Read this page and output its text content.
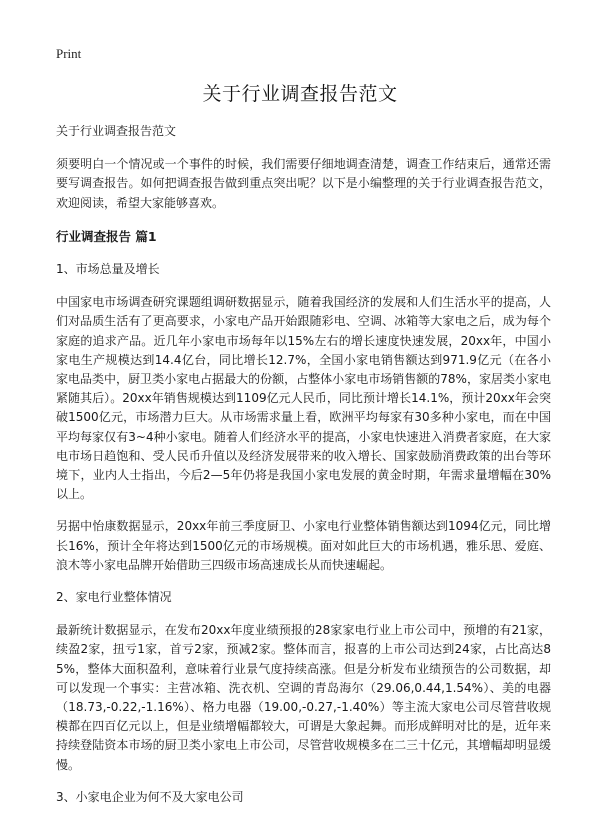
Print
关于行业调查报告范文

关于行业调查报告范文

须要明白一个情况或一个事件的时候，我们需要仔细地调查清楚，调查工作结束后，通常还需要写调查报告。如何把调查报告做到重点突出呢？以下是小编整理的关于行业调查报告范文，欢迎阅读，希望大家能够喜欢。

行业调查报告 篇1

1、市场总量及增长

中国家电市场调查研究课题组调研数据显示，随着我国经济的发展和人们生活水平的提高，人们对品质生活有了更高要求，小家电产品开始跟随彩电、空调、冰箱等大家电之后，成为每个家庭的追求产品。近几年小家电市场每年以15%左右的增长速度快速发展，20xx年，中国小家电生产规模达到14.4亿台，同比增长12.7%，全国小家电销售额达到971.9亿元（在各小家电品类中，厨卫类小家电占据最大的份额，占整体小家电市场销售额的78%，家居类小家电紧随其后）。20xx年销售规模达到1109亿元人民币，同比预计增长14.1%，预计20xx年会突破1500亿元，市场潜力巨大。从市场需求量上看，欧洲平均每家有30多种小家电，而在中国平均每家仅有3~4种小家电。随着人们经济水平的提高，小家电快速进入消费者家庭，在大家电市场日趋饱和、受人民币升值以及经济发展带来的收入增长、国家鼓励消费政策的出台等环境下，业内人士指出，今后2—5年仍将是我国小家电发展的黄金时期，年需求量增幅在30%以上。

另据中怡康数据显示，20xx年前三季度厨卫、小家电行业整体销售额达到1094亿元，同比增长16%，预计全年将达到1500亿元的市场规模。面对如此巨大的市场机遇，雅乐思、爱庭、浪木等小家电品牌开始借助三四级市场高速成长从而快速崛起。

2、家电行业整体情况

最新统计数据显示，在发布20xx年度业绩预报的28家家电行业上市公司中，预增的有21家，续盈2家，扭亏1家，首亏2家，预减2家。整体而言，报喜的上市公司达到24家，占比高达85%，整体大面积盈利，意味着行业景气度持续高涨。但是分析发布业绩预告的公司数据，却可以发现一个事实：主营冰箱、洗衣机、空调的青岛海尔（29.06,0.44,1.54%）、美的电器（18.73,-0.22,-1.16%）、格力电器（19.00,-0.27,-1.40%）等主流大家电公司尽管营收规模都在四百亿元以上，但是业绩增幅都较大，可谓是大象起舞。而形成鲜明对比的是，近年来持续登陆资本市场的厨卫类小家电上市公司，尽管营收规模多在二三十亿元，其增幅却明显缓慢。

3、小家电企业为何不及大家电公司
